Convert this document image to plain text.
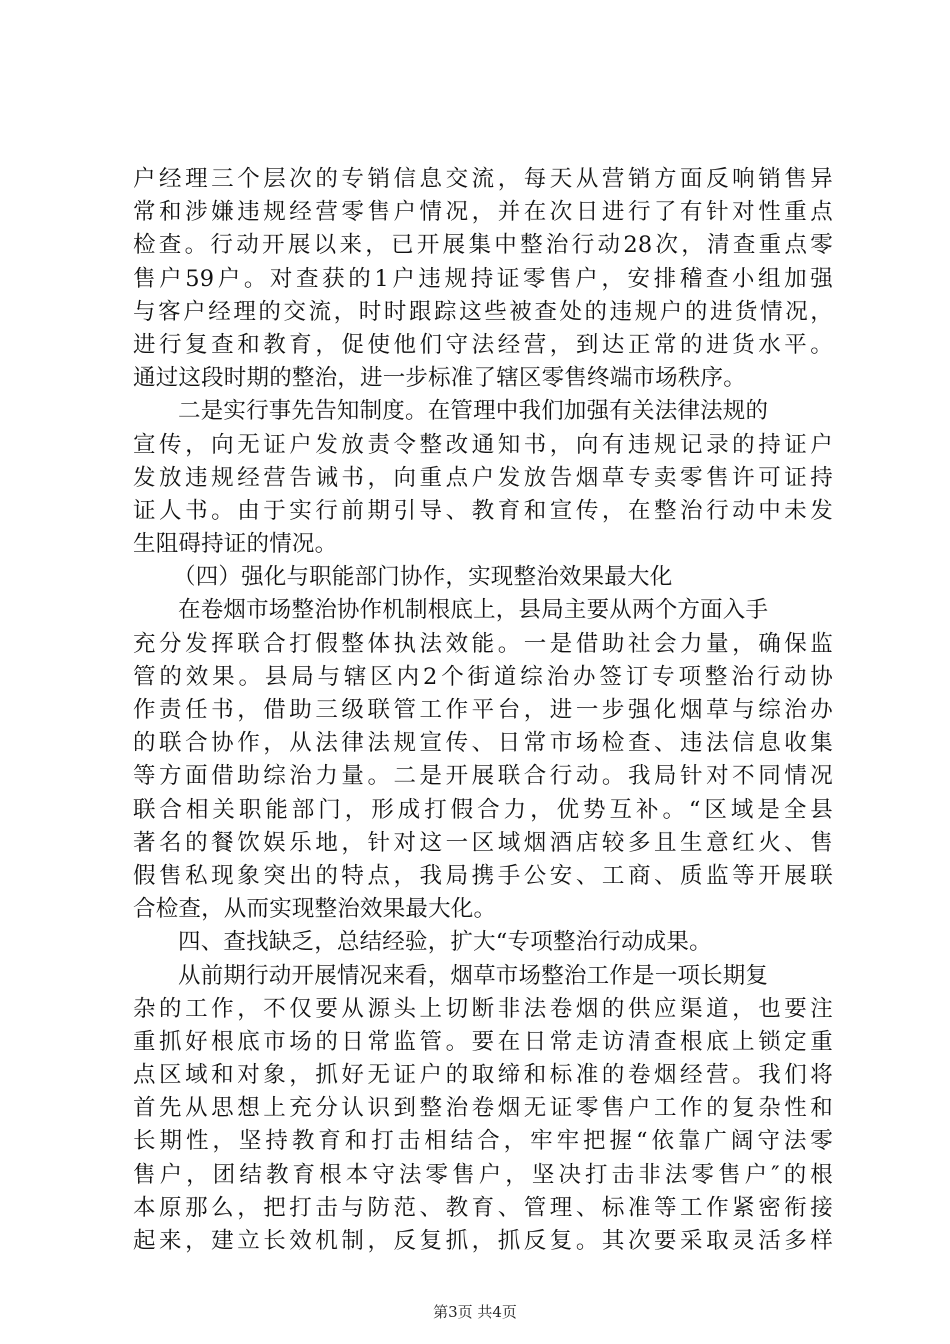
户经理三个层次的专销信息交流，每天从营销方面反响销售异
常和涉嫌违规经营零售户情况，并在次日进行了有针对性重点
检查。行动开展以来，已开展集中整治行动28次，清查重点零
售户59户。对查获的1户违规持证零售户，安排稽查小组加强
与客户经理的交流，时时跟踪这些被查处的违规户的进货情况，
进行复查和教育，促使他们守法经营，到达正常的进货水平。
通过这段时期的整治，进一步标准了辖区零售终端市场秩序。
二是实行事先告知制度。在管理中我们加强有关法律法规的
宣传，向无证户发放责令整改通知书，向有违规记录的持证户
发放违规经营告诫书，向重点户发放告烟草专卖零售许可证持
证人书。由于实行前期引导、教育和宣传，在整治行动中未发
生阻碍持证的情况。
（四）强化与职能部门协作，实现整治效果最大化
在卷烟市场整治协作机制根底上，县局主要从两个方面入手
充分发挥联合打假整体执法效能。一是借助社会力量，确保监
管的效果。县局与辖区内2个街道综治办签订专项整治行动协
作责任书，借助三级联管工作平台，进一步强化烟草与综治办
的联合协作，从法律法规宣传、日常市场检查、违法信息收集
等方面借助综治力量。二是开展联合行动。我局针对不同情况
联合相关职能部门，形成打假合力，优势互补。“区域是全县
著名的餐饮娱乐地，针对这一区域烟酒店较多且生意红火、售
假售私现象突出的特点，我局携手公安、工商、质监等开展联
合检查，从而实现整治效果最大化。
四、查找缺乏，总结经验，扩大“专项整治行动成果。
从前期行动开展情况来看，烟草市场整治工作是一项长期复
杂的工作，不仅要从源头上切断非法卷烟的供应渠道，也要注
重抓好根底市场的日常监管。要在日常走访清查根底上锁定重
点区域和对象，抓好无证户的取缔和标准的卷烟经营。我们将
首先从思想上充分认识到整治卷烟无证零售户工作的复杂性和
长期性，坚持教育和打击相结合，牢牢把握“依靠广阔守法零
售户，团结教育根本守法零售户，坚决打击非法零售户″的根
本原那么，把打击与防范、教育、管理、标准等工作紧密衔接
起来，建立长效机制，反复抓，抓反复。其次要采取灵活多样
第3页 共4页
